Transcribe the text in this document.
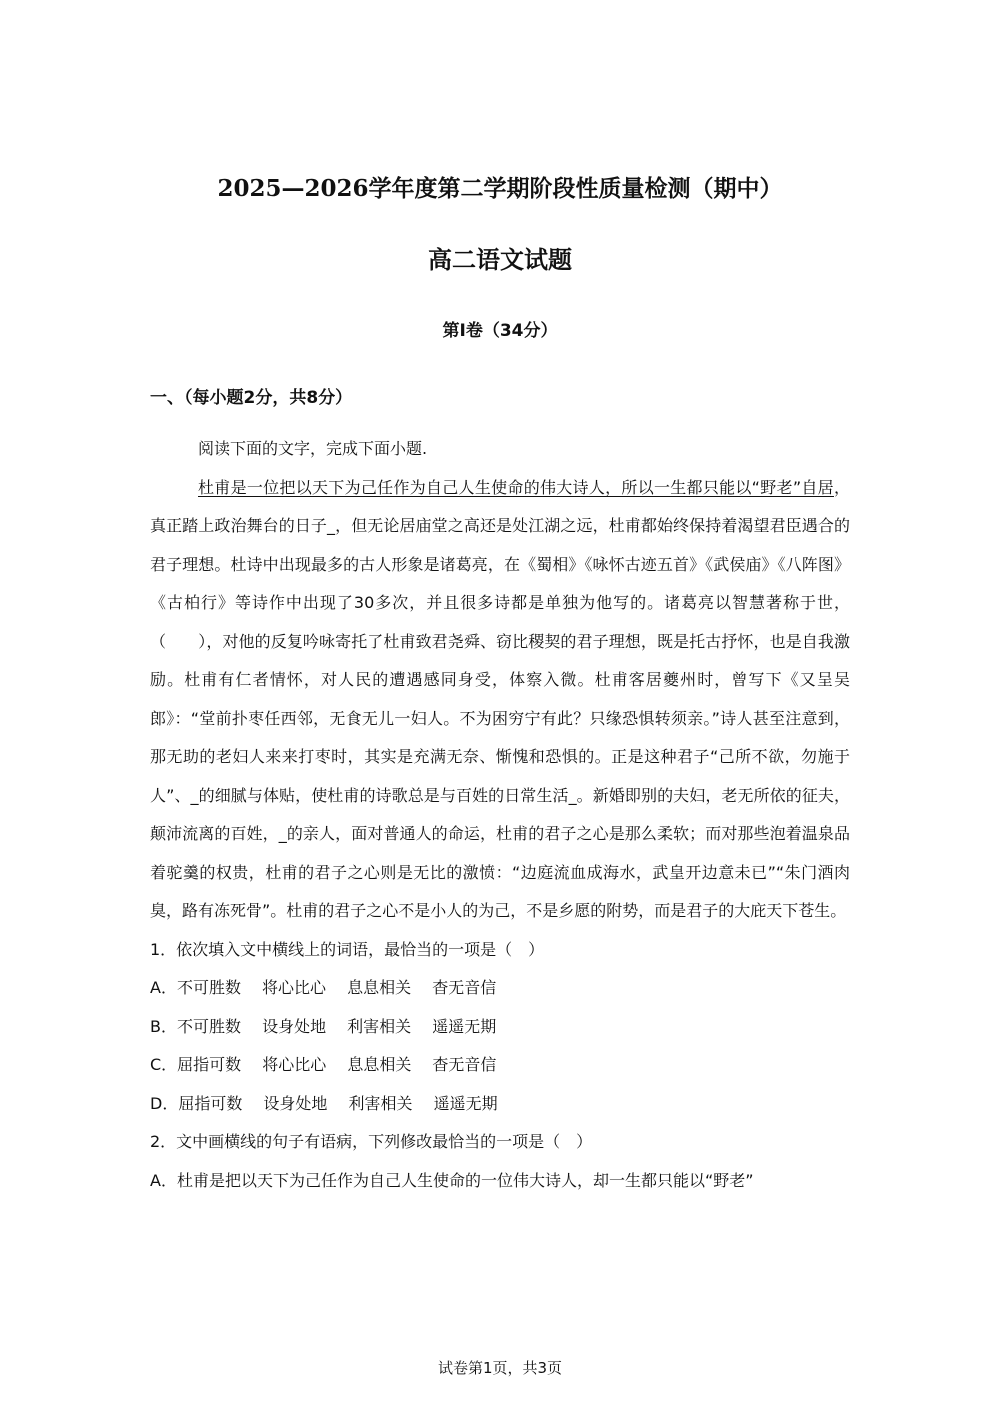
2025—2026学年度第二学期阶段性质量检测（期中）
高二语文试题
第Ⅰ卷（34分）
一、（每小题2分，共8分）

阅读下面的文字，完成下面小题.

杜甫是一位把以天下为己任作为自己人生使命的伟大诗人，所以一生都只能以“野老”自居，真正踏上政治舞台的日子_，但无论居庙堂之高还是处江湖之远，杜甫都始终保持着渴望君臣遇合的君子理想。杜诗中出现最多的古人形象是诸葛亮，在《蜀相》《咏怀古迹五首》《武侯庙》《八阵图》《古柏行》等诗作中出现了30多次，并且很多诗都是单独为他写的。诸葛亮以智慧著称于世，（　　），对他的反复吟咏寄托了杜甫致君尧舜、窃比稷契的君子理想，既是托古抒怀，也是自我激励。杜甫有仁者情怀，对人民的遭遇感同身受，体察入微。杜甫客居夔州时，曾写下《又呈吴郎》：“堂前扑枣任西邻，无食无儿一妇人。不为困穷宁有此？只缘恐惧转须亲。”诗人甚至注意到，那无助的老妇人来来打枣时，其实是充满无奈、惭愧和恐惧的。正是这种君子“己所不欲，勿施于人”、_的细腻与体贴，使杜甫的诗歌总是与百姓的日常生活_。新婚即别的夫妇，老无所依的征夫，颠沛流离的百姓，_的亲人，面对普通人的命运，杜甫的君子之心是那么柔软；而对那些泡着温泉品着驼羹的权贵，杜甫的君子之心则是无比的激愤：“边庭流血成海水，武皇开边意未已”“朱门酒肉臭，路有冻死骨”。杜甫的君子之心不是小人的为己，不是乡愿的附势，而是君子的大庇天下苍生。

1．依次填入文中横线上的词语，最恰当的一项是（　）

A．不可胜数　 将心比心　 息息相关　 杳无音信

B．不可胜数　 设身处地　 利害相关　 遥遥无期

C．屈指可数　 将心比心　 息息相关　 杳无音信

D．屈指可数　 设身处地　 利害相关　 遥遥无期

2．文中画横线的句子有语病，下列修改最恰当的一项是（　）

A．杜甫是把以天下为己任作为自己人生使命的一位伟大诗人，却一生都只能以“野老”

试卷第1页，共3页
